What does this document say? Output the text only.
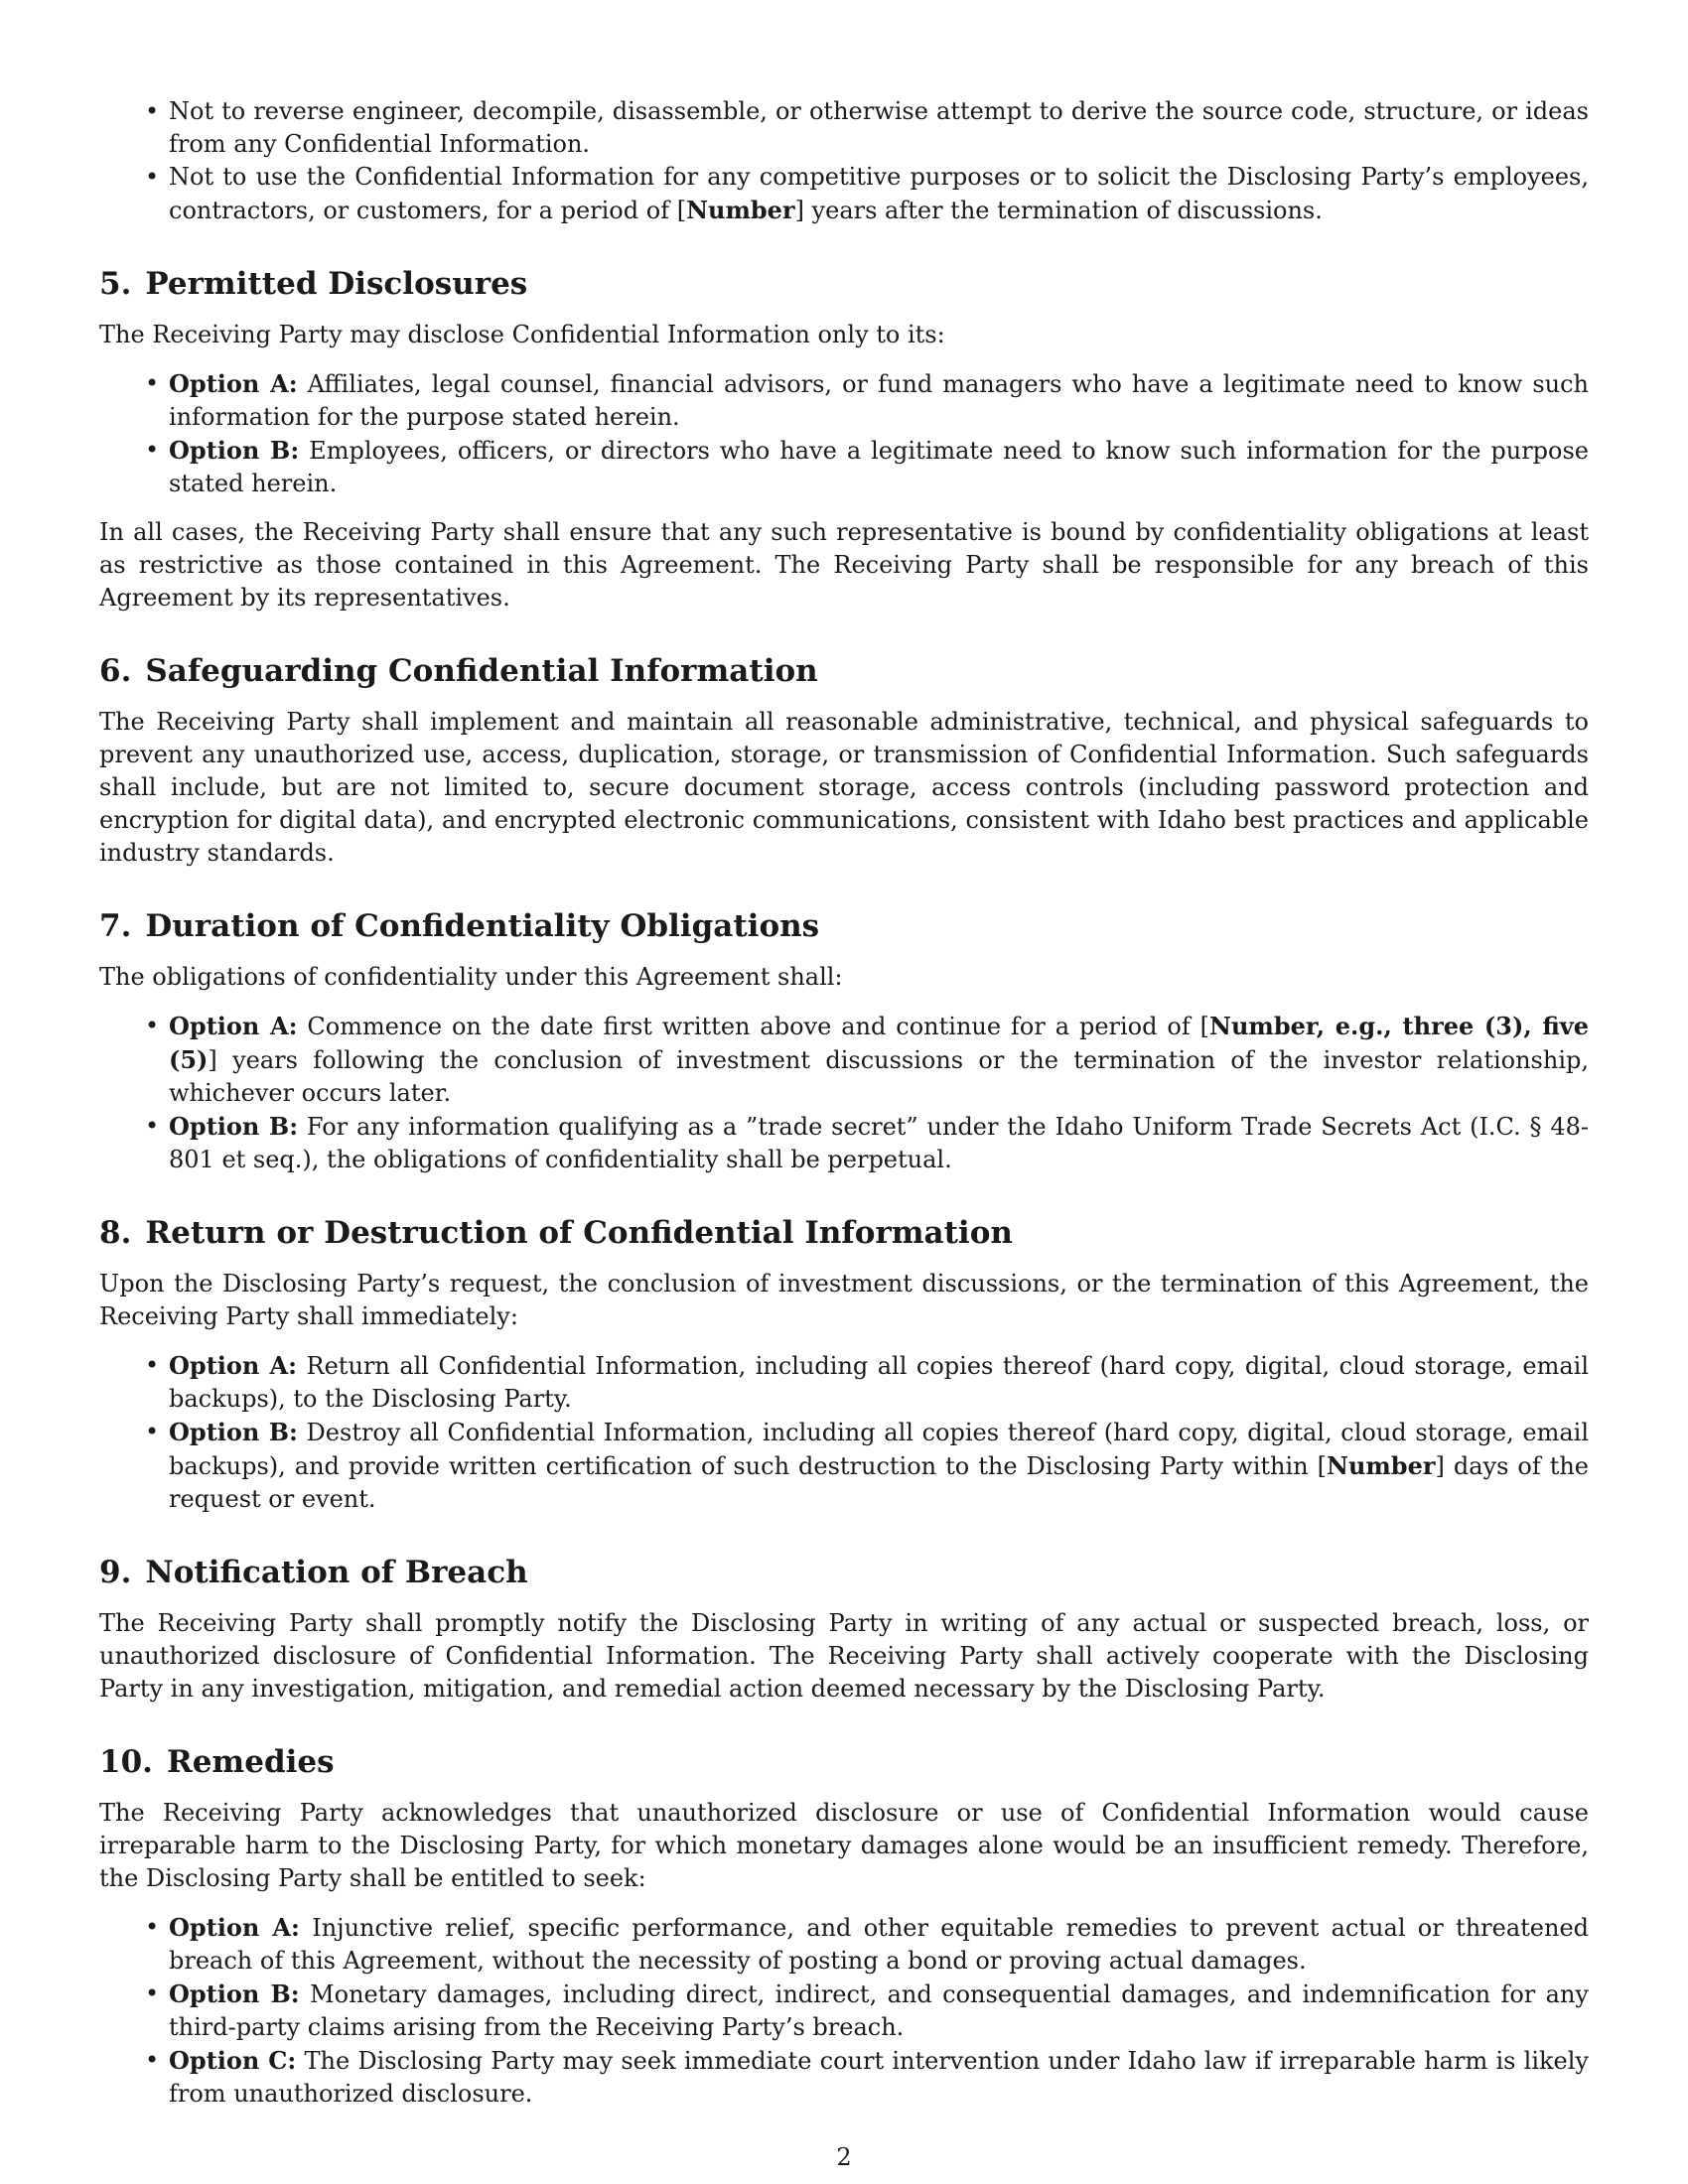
• Not to reverse engineer, decompile, disassemble, or otherwise attempt to derive the source code, structure, or ideas from any Confidential Information.
• Not to use the Confidential Information for any competitive purposes or to solicit the Disclosing Party’s employees, contractors, or customers, for a period of [Number] years after the termination of discussions.
5. Permitted Disclosures

The Receiving Party may disclose Confidential Information only to its:

• Option A: Affiliates, legal counsel, financial advisors, or fund managers who have a legitimate need to know such information for the purpose stated herein.
• Option B: Employees, officers, or directors who have a legitimate need to know such information for the purpose stated herein.

In all cases, the Receiving Party shall ensure that any such representative is bound by confidentiality obligations at least as restrictive as those contained in this Agreement. The Receiving Party shall be responsible for any breach of this Agreement by its representatives.

6. Safeguarding Confidential Information

The Receiving Party shall implement and maintain all reasonable administrative, technical, and physical safeguards to prevent any unauthorized use, access, duplication, storage, or transmission of Confidential Information. Such safeguards shall include, but are not limited to, secure document storage, access controls (including password protection and encryption for digital data), and encrypted electronic communications, consistent with Idaho best practices and applicable industry standards.

7. Duration of Confidentiality Obligations

The obligations of confidentiality under this Agreement shall:

• Option A: Commence on the date first written above and continue for a period of [Number, e.g., three (3), five (5)] years following the conclusion of investment discussions or the termination of the investor relationship, whichever occurs later.
• Option B: For any information qualifying as a ”trade secret” under the Idaho Uniform Trade Secrets Act (I.C. § 48-801 et seq.), the obligations of confidentiality shall be perpetual.
8. Return or Destruction of Confidential Information

Upon the Disclosing Party’s request, the conclusion of investment discussions, or the termination of this Agreement, the Receiving Party shall immediately:

• Option A: Return all Confidential Information, including all copies thereof (hard copy, digital, cloud storage, email backups), to the Disclosing Party.
• Option B: Destroy all Confidential Information, including all copies thereof (hard copy, digital, cloud storage, email backups), and provide written certification of such destruction to the Disclosing Party within [Number] days of the request or event.
9. Notification of Breach

The Receiving Party shall promptly notify the Disclosing Party in writing of any actual or suspected breach, loss, or unauthorized disclosure of Confidential Information. The Receiving Party shall actively cooperate with the Disclosing Party in any investigation, mitigation, and remedial action deemed necessary by the Disclosing Party.

10. Remedies

The Receiving Party acknowledges that unauthorized disclosure or use of Confidential Information would cause irreparable harm to the Disclosing Party, for which monetary damages alone would be an insufficient remedy. Therefore, the Disclosing Party shall be entitled to seek:

• Option A: Injunctive relief, specific performance, and other equitable remedies to prevent actual or threatened breach of this Agreement, without the necessity of posting a bond or proving actual damages.
• Option B: Monetary damages, including direct, indirect, and consequential damages, and indemnification for any third-party claims arising from the Receiving Party’s breach.
• Option C: The Disclosing Party may seek immediate court intervention under Idaho law if irreparable harm is likely from unauthorized disclosure.
2
